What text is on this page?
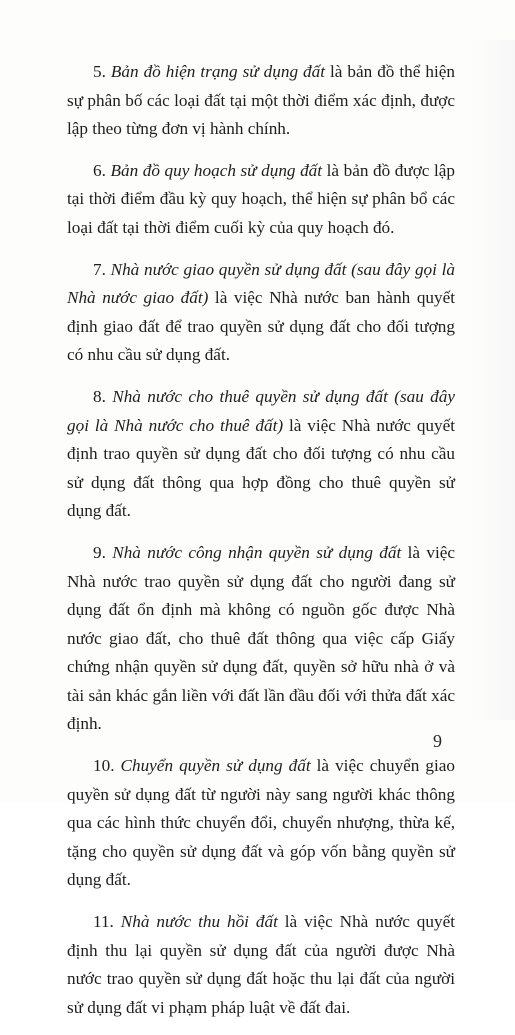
5. Bản đồ hiện trạng sử dụng đất là bản đồ thể hiện sự phân bố các loại đất tại một thời điểm xác định, được lập theo từng đơn vị hành chính.

6. Bản đồ quy hoạch sử dụng đất là bản đồ được lập tại thời điểm đầu kỳ quy hoạch, thể hiện sự phân bổ các loại đất tại thời điểm cuối kỳ của quy hoạch đó.

7. Nhà nước giao quyền sử dụng đất (sau đây gọi là Nhà nước giao đất) là việc Nhà nước ban hành quyết định giao đất để trao quyền sử dụng đất cho đối tượng có nhu cầu sử dụng đất.

8. Nhà nước cho thuê quyền sử dụng đất (sau đây gọi là Nhà nước cho thuê đất) là việc Nhà nước quyết định trao quyền sử dụng đất cho đối tượng có nhu cầu sử dụng đất thông qua hợp đồng cho thuê quyền sử dụng đất.

9. Nhà nước công nhận quyền sử dụng đất là việc Nhà nước trao quyền sử dụng đất cho người đang sử dụng đất ổn định mà không có nguồn gốc được Nhà nước giao đất, cho thuê đất thông qua việc cấp Giấy chứng nhận quyền sử dụng đất, quyền sở hữu nhà ở và tài sản khác gắn liền với đất lần đầu đối với thửa đất xác định.

10. Chuyển quyền sử dụng đất là việc chuyển giao quyền sử dụng đất từ người này sang người khác thông qua các hình thức chuyển đổi, chuyển nhượng, thừa kế, tặng cho quyền sử dụng đất và góp vốn bằng quyền sử dụng đất.

11. Nhà nước thu hồi đất là việc Nhà nước quyết định thu lại quyền sử dụng đất của người được Nhà nước trao quyền sử dụng đất hoặc thu lại đất của người sử dụng đất vi phạm pháp luật về đất đai.

9
